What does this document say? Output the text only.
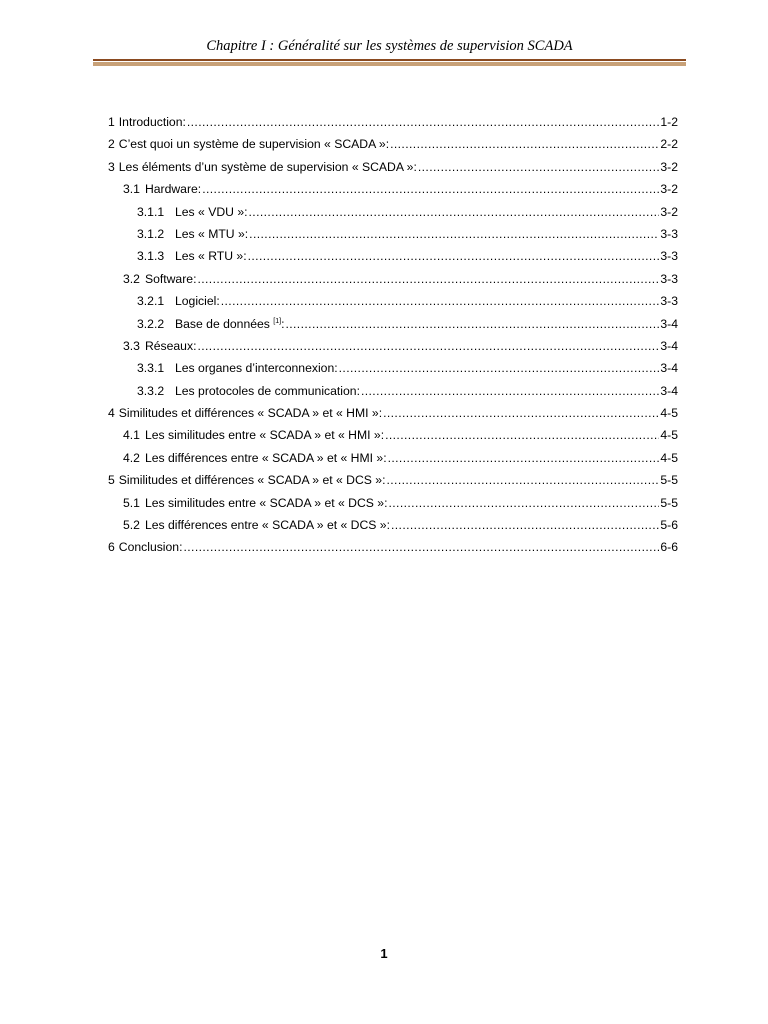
Chapitre I : Généralité sur les systèmes de supervision SCADA
1 Introduction : .....	1-2
2 C’est quoi un système de supervision « SCADA » : .....	2-2
3 Les éléments d’un système de supervision « SCADA » : .....	3-2
3.1 Hardware : .....	3-2
3.1.1 Les « VDU » : .....	3-2
3.1.2 Les « MTU » : .....	3-3
3.1.3 Les « RTU » : .....	3-3
3.2 Software : .....	3-3
3.2.1 Logiciel : .....	3-3
3.2.2 Base de données [1] : .....	3-4
3.3 Réseaux : .....	3-4
3.3.1 Les organes d’interconnexion : .....	3-4
3.3.2 Les protocoles de communication : .....	3-4
4 Similitudes et différences « SCADA » et « HMI » : .....	4-5
4.1 Les similitudes entre « SCADA » et « HMI » : .....	4-5
4.2 Les différences entre « SCADA » et « HMI » : .....	4-5
5 Similitudes et différences « SCADA » et « DCS » : .....	5-5
5.1 Les similitudes entre « SCADA » et « DCS » : .....	5-5
5.2 Les différences entre « SCADA » et « DCS » : .....	5-6
6 Conclusion : .....	6-6
1
